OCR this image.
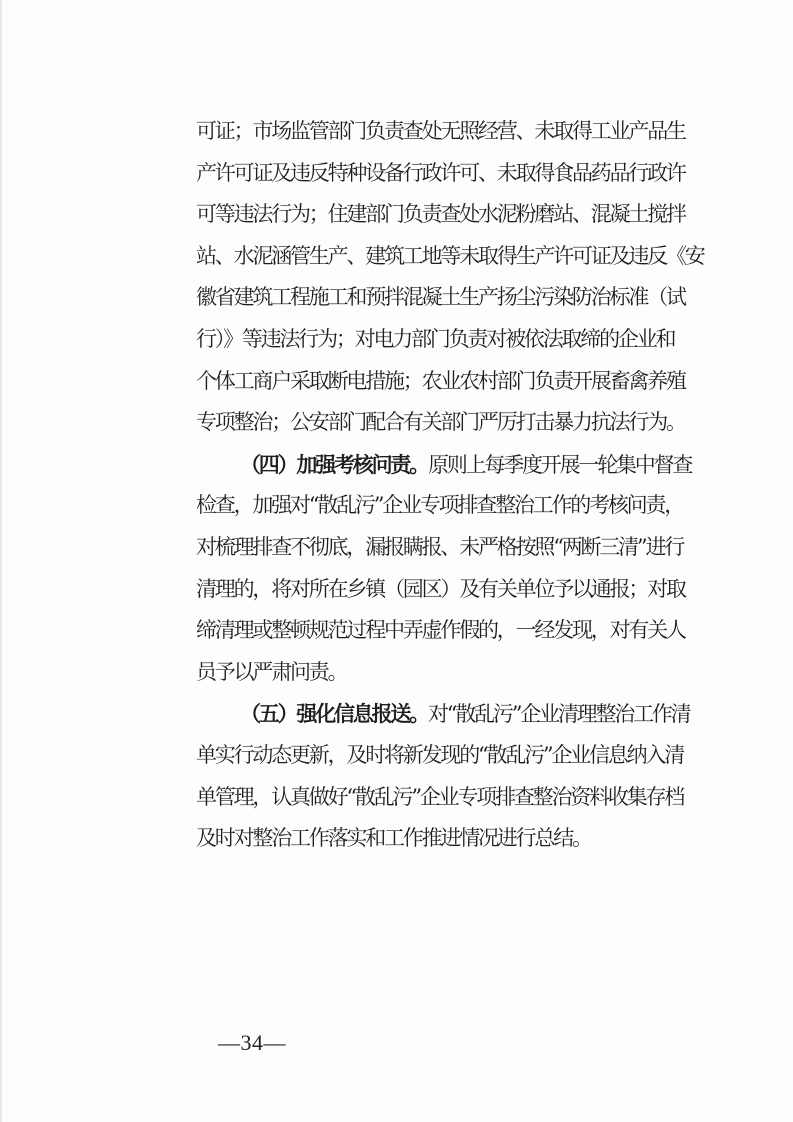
可证；市场监管部门负责查处无照经营、未取得工业产品生
产许可证及违反特种设备行政许可、未取得食品药品行政许
可等违法行为；住建部门负责查处水泥粉磨站、混凝土搅拌
站、水泥涵管生产、建筑工地等未取得生产许可证及违反《安
徽省建筑工程施工和预拌混凝土生产扬尘污染防治标准（试
行）》等违法行为；对电力部门负责对被依法取缔的企业和
个体工商户采取断电措施；农业农村部门负责开展畜禽养殖
专项整治；公安部门配合有关部门严厉打击暴力抗法行为。
（四）加强考核问责。原则上每季度开展一轮集中督查
检查，加强对“散乱污”企业专项排查整治工作的考核问责，
对梳理排查不彻底，漏报瞒报、未严格按照“两断三清”进行
清理的，将对所在乡镇（园区）及有关单位予以通报；对取
缔清理或整顿规范过程中弄虚作假的，一经发现，对有关人
员予以严肃问责。
（五）强化信息报送。对“散乱污”企业清理整治工作清
单实行动态更新，及时将新发现的“散乱污”企业信息纳入清
单管理，认真做好“散乱污”企业专项排查整治资料收集存档
及时对整治工作落实和工作推进情况进行总结。
—34—
